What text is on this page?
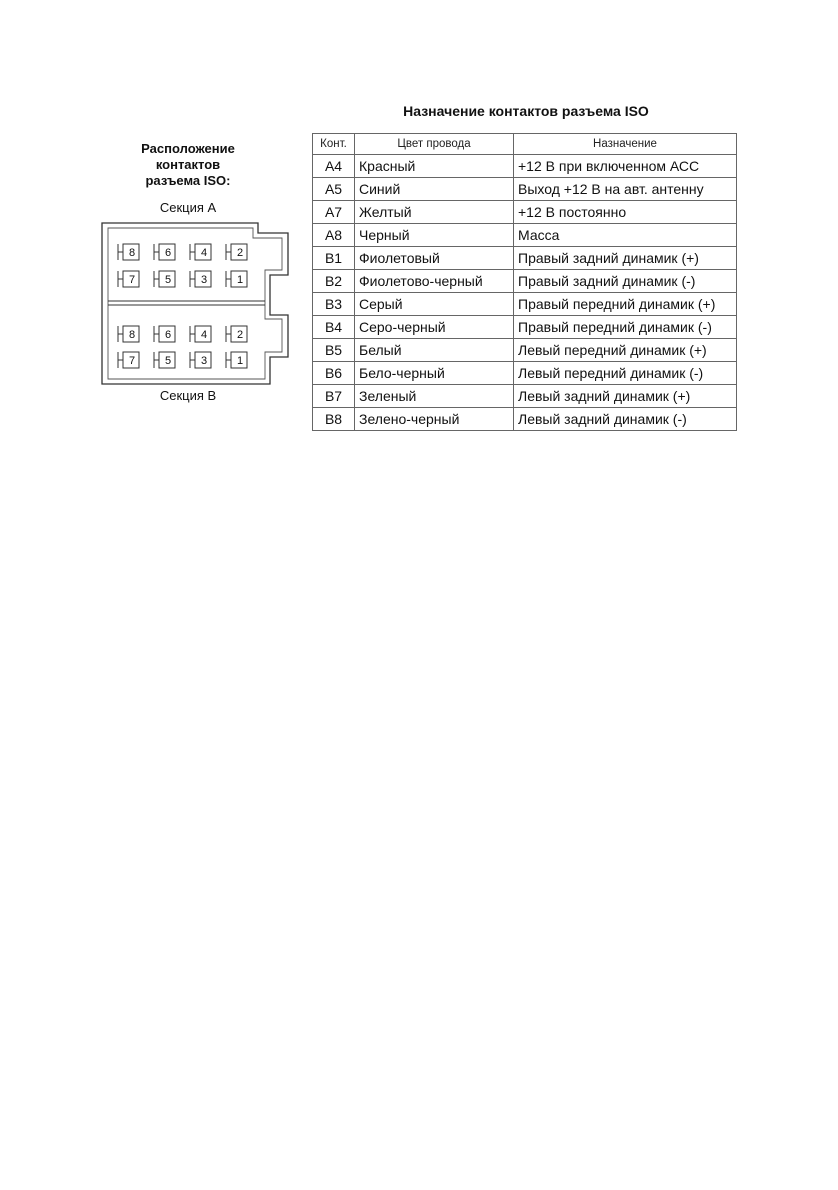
Назначение контактов разъема ISO
Расположение
контактов
разъема ISO:
Секция А
Секция В
8	6	4	2
7	5	3	1
8	6	4	2
7	5	3	1
Конт.	Цвет провода	Назначение
A4	Красный	+12 В при включенном АСС
A5	Синий	Выход +12 В на авт. антенну
A7	Желтый	+12 В постоянно
A8	Черный	Масса
B1	Фиолетовый	Правый задний динамик (+)
B2	Фиолетово-черный	Правый задний динамик (-)
B3	Серый	Правый передний динамик (+)
B4	Серо-черный	Правый передний динамик (-)
B5	Белый	Левый передний динамик (+)
B6	Бело-черный	Левый передний динамик (-)
B7	Зеленый	Левый задний динамик (+)
B8	Зелено-черный	Левый задний динамик (-)
